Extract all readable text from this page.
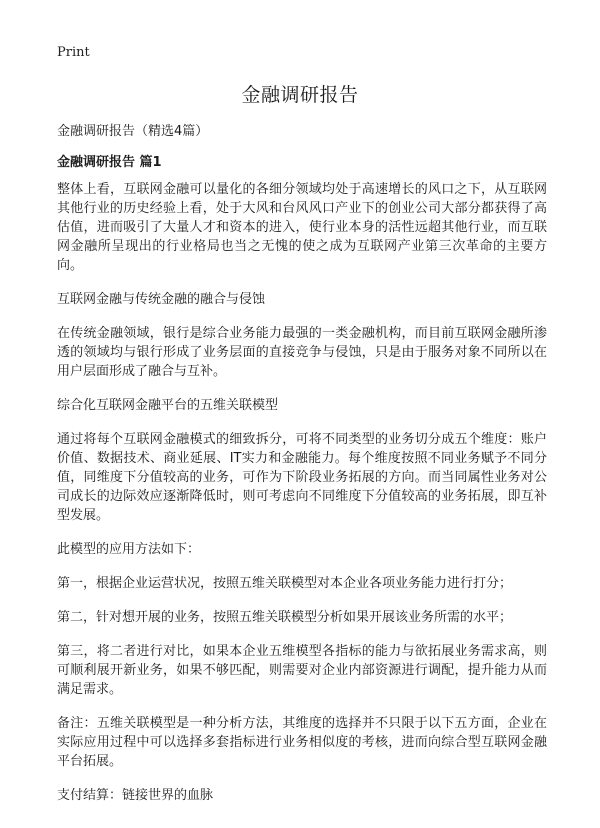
Print
金融调研报告

金融调研报告（精选4篇）

金融调研报告 篇1

整体上看，互联网金融可以量化的各细分领域均处于高速增长的风口之下，从互联网其他行业的历史经验上看，处于大风和台风风口产业下的创业公司大部分都获得了高估值，进而吸引了大量人才和资本的进入，使行业本身的活性远超其他行业，而互联网金融所呈现出的行业格局也当之无愧的使之成为互联网产业第三次革命的主要方向。

互联网金融与传统金融的融合与侵蚀

在传统金融领域，银行是综合业务能力最强的一类金融机构，而目前互联网金融所渗透的领域均与银行形成了业务层面的直接竞争与侵蚀，只是由于服务对象不同所以在用户层面形成了融合与互补。

综合化互联网金融平台的五维关联模型

通过将每个互联网金融模式的细致拆分，可将不同类型的业务切分成五个维度：账户价值、数据技术、商业延展、IT实力和金融能力。每个维度按照不同业务赋予不同分值，同维度下分值较高的业务，可作为下阶段业务拓展的方向。而当同属性业务对公司成长的边际效应逐渐降低时，则可考虑向不同维度下分值较高的业务拓展，即互补型发展。

此模型的应用方法如下：

第一，根据企业运营状况，按照五维关联模型对本企业各项业务能力进行打分；

第二，针对想开展的业务，按照五维关联模型分析如果开展该业务所需的水平；

第三，将二者进行对比，如果本企业五维模型各指标的能力与欲拓展业务需求高，则可顺利展开新业务，如果不够匹配，则需要对企业内部资源进行调配，提升能力从而满足需求。

备注：五维关联模型是一种分析方法，其维度的选择并不只限于以下五方面，企业在实际应用过程中可以选择多套指标进行业务相似度的考核，进而向综合型互联网金融平台拓展。

支付结算：链接世界的血脉
